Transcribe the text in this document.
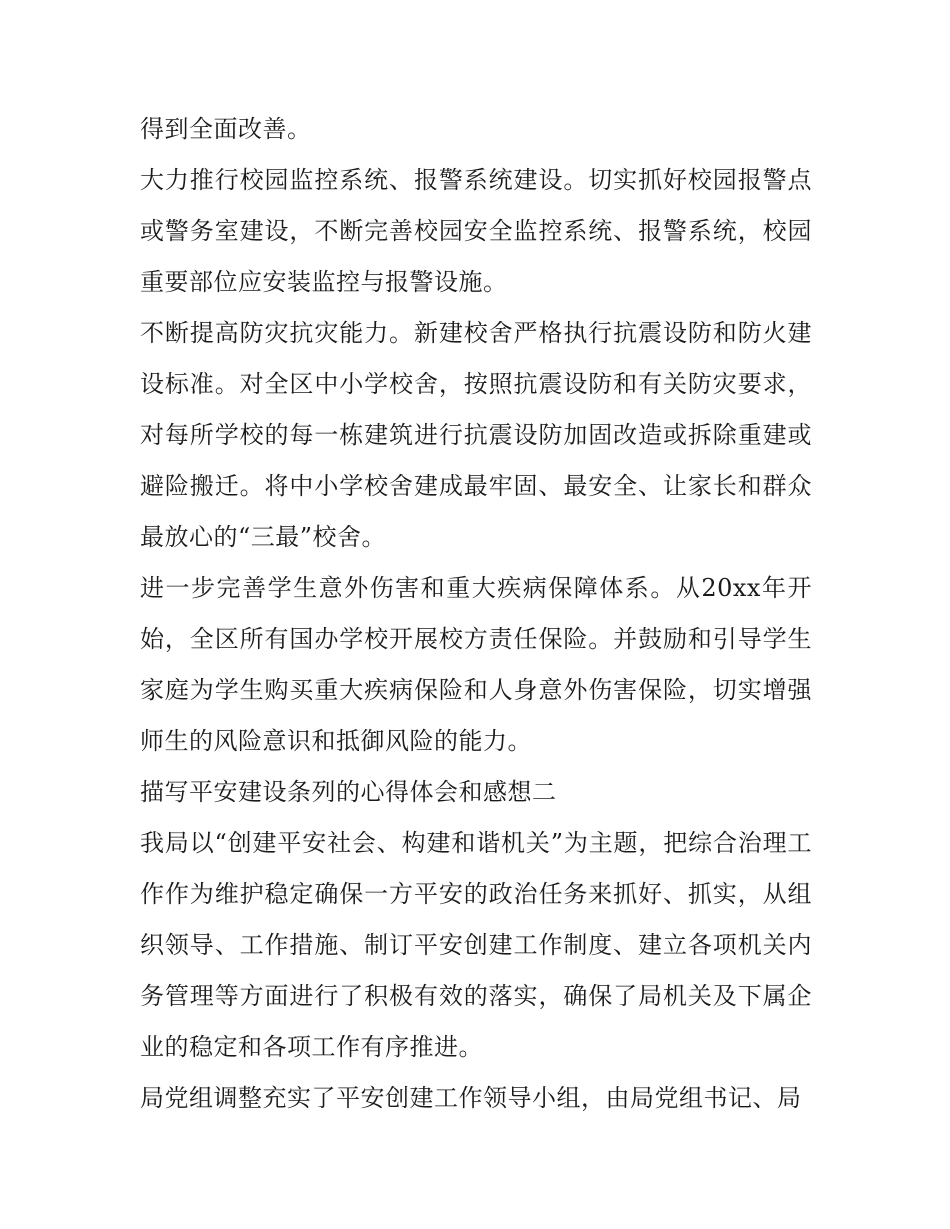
得到全面改善。

大力推行校园监控系统、报警系统建设。切实抓好校园报警点或警务室建设，不断完善校园安全监控系统、报警系统，校园重要部位应安装监控与报警设施。

不断提高防灾抗灾能力。新建校舍严格执行抗震设防和防火建设标准。对全区中小学校舍，按照抗震设防和有关防灾要求，对每所学校的每一栋建筑进行抗震设防加固改造或拆除重建或避险搬迁。将中小学校舍建成最牢固、最安全、让家长和群众最放心的“三最”校舍。

进一步完善学生意外伤害和重大疾病保障体系。从20xx年开始，全区所有国办学校开展校方责任保险。并鼓励和引导学生家庭为学生购买重大疾病保险和人身意外伤害保险，切实增强师生的风险意识和抵御风险的能力。

描写平安建设条列的心得体会和感想二

我局以“创建平安社会、构建和谐机关”为主题，把综合治理工作作为维护稳定确保一方平安的政治任务来抓好、抓实，从组织领导、工作措施、制订平安创建工作制度、建立各项机关内务管理等方面进行了积极有效的落实，确保了局机关及下属企业的稳定和各项工作有序推进。

局党组调整充实了平安创建工作领导小组，由局党组书记、局
